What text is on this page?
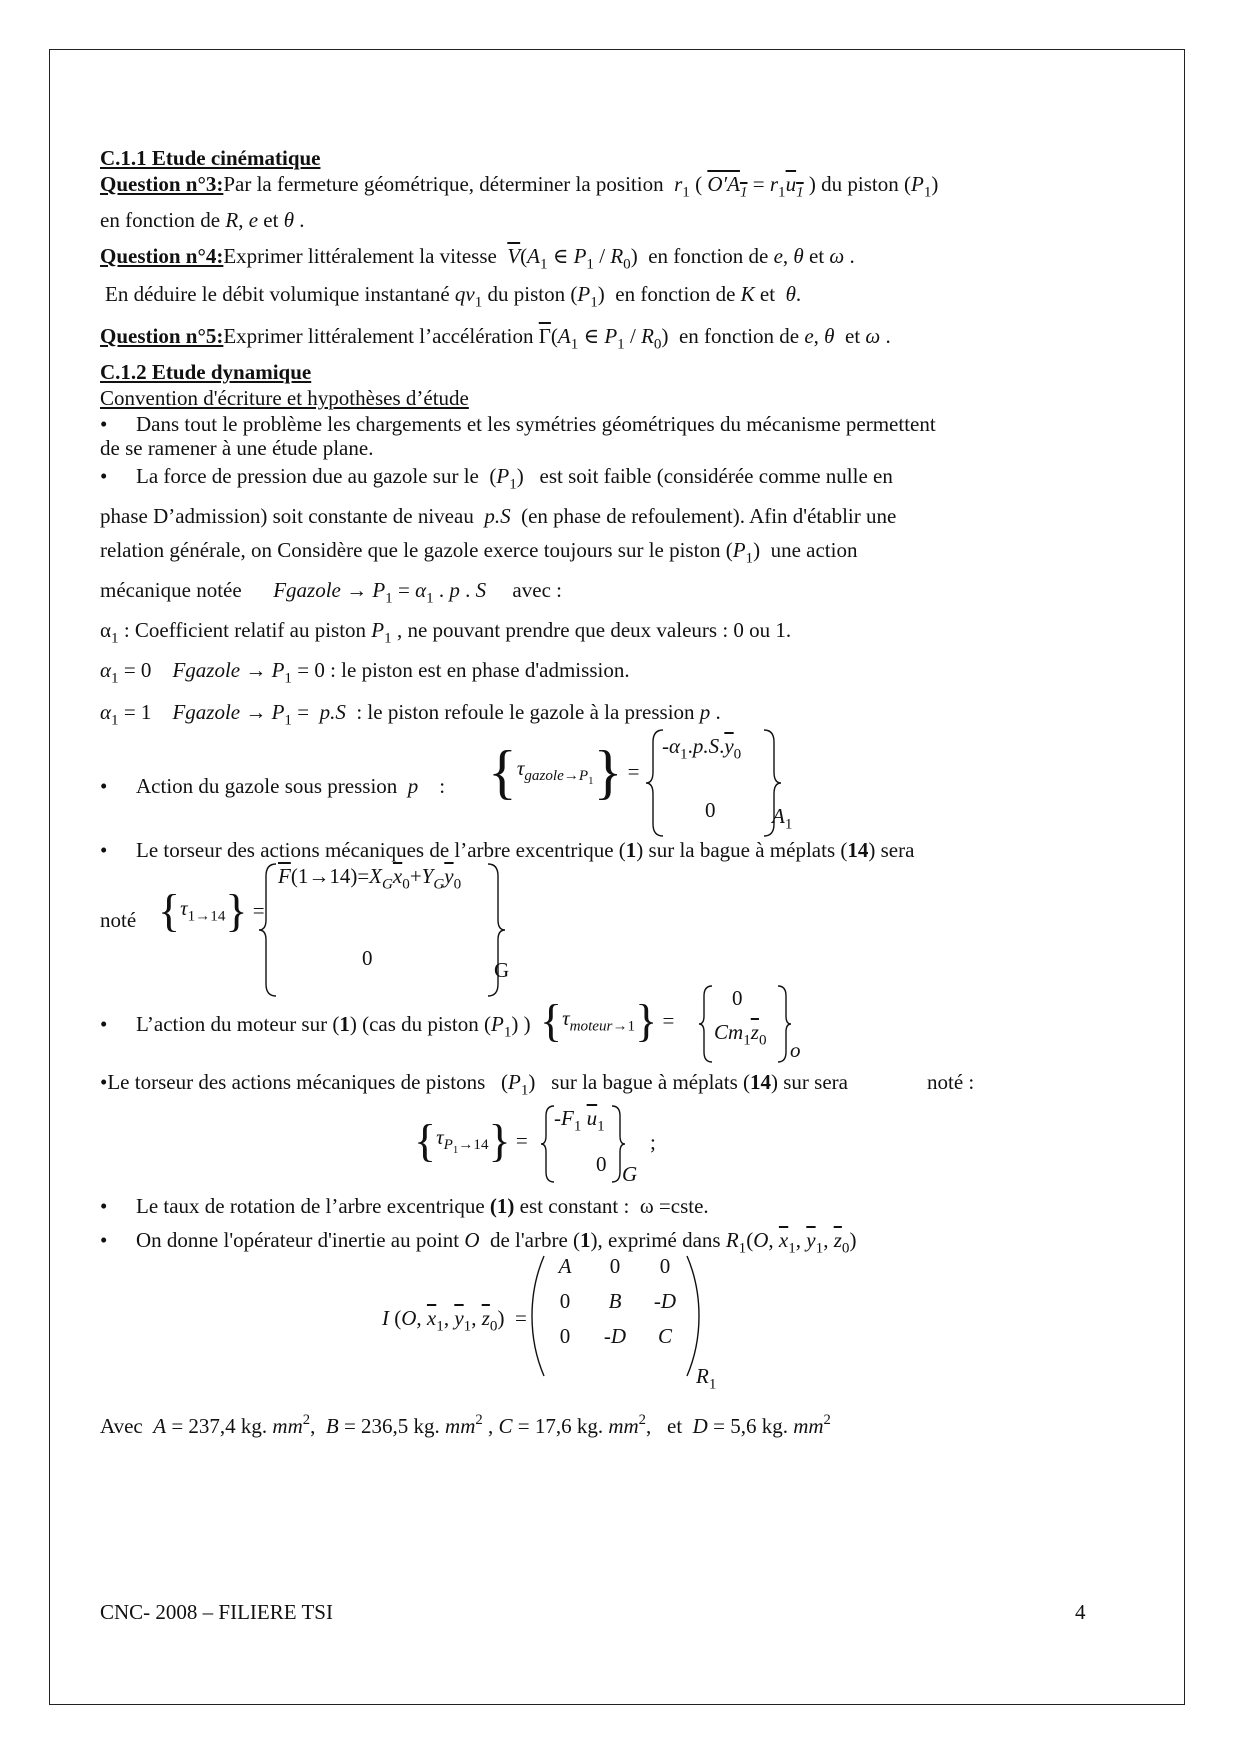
C.1.1 Etude cinématique
Question n°3:Par la fermeture géométrique, déterminer la position $r_1$ ( $O'A_1 = r_1u_1$ ) du piston $(P_1)$
en fonction de R, e et θ .
Question n°4:Exprimer littéralement la vitesse $\overline{V}(A_1$ ∈ $P_1 / R_0$)  en fonction de e, θ et ω .
En déduire le débit volumique instantané $qv_1$ du piston $(P_1)$  en fonction de K et  θ.
Question n°5:Exprimer littéralement l’accélération $\overline{\Gamma}(A_1$ ∈ $P_1 / R_0$)  en fonction de e, θ  et ω .
C.1.2 Etude dynamique
Convention d'écriture et hypothèses d’étude
• Dans tout le problème les chargements et les symétries géométriques du mécanisme permettent
de se ramener à une étude plane.
• La force de pression due au gazole sur le  $(P_1)$   est soit faible (considérée comme nulle en
phase D’admission) soit constante de niveau p.S (en phase de refoulement). Afin d'établir une
relation générale, on Considère que le gazole exerce toujours sur le piston $(P_1)$  une action
mécanique notée Fgazole → $P_1 = \alpha_1$ . p . S avec :
$\alpha_1$ : Coefficient relatif au piston $P_1$ , ne pouvant prendre que deux valeurs : 0 ou 1.
$\alpha_1 = 0$    Fgazole → $P_1 = 0$ : le piston est en phase d'admission.
$\alpha_1 = 1$    Fgazole → $P_1 = p.S$ : le piston refoule le gazole à la pression p .
• Action du gazole sous pression p    : $\{\tau_{gazole\to P_1}\}$ =
$-\alpha_1.p.S.\overline{y}_0$
0	$A_1$
• Le torseur des actions mécaniques de l’arbre excentrique (1) sur la bague à méplats (14) sera
noté $\{\tau_{1\to 14}\}$ =
$\overline{F}(1\to 14)=X_G\overline{x}_0+Y_G\overline{y}_0$
0	G
• L’action du moteur sur (1) (cas du piston $(P_1)$ ) $\{\tau_{moteur\to 1}\}$ =
0
$Cm_1\overline{z}_0$ o
•Le torseur des actions mécaniques de pistons   $(P_1)$   sur la bague à méplats (14) sur sera	noté :
$\{\tau_{P_1\to 14}\}$ =
$-F_1$ $\overline{u}_1$
0 G
;
• Le taux de rotation de l’arbre excentrique (1) est constant : ω =cste.
• On donne l'opérateur d'inertie au point O de l'arbre (1), exprimé dans $R_1(O$, $\overline{x}_1$, $\overline{y}_1$, $\overline{z}_0$)
I (O, $\overline{x}_1$, $\overline{y}_1$, $\overline{z}_0$)  =
A	0	0
0	B	-D
0	-D	C
$R_1$
Avec A = 237,4 kg. $mm^2$,  B = 236,5 kg. $mm^2$ , C = 17,6 kg. $mm^2$,   et D = 5,6 kg. $mm^2$
CNC- 2008 – FILIERE TSI	4
